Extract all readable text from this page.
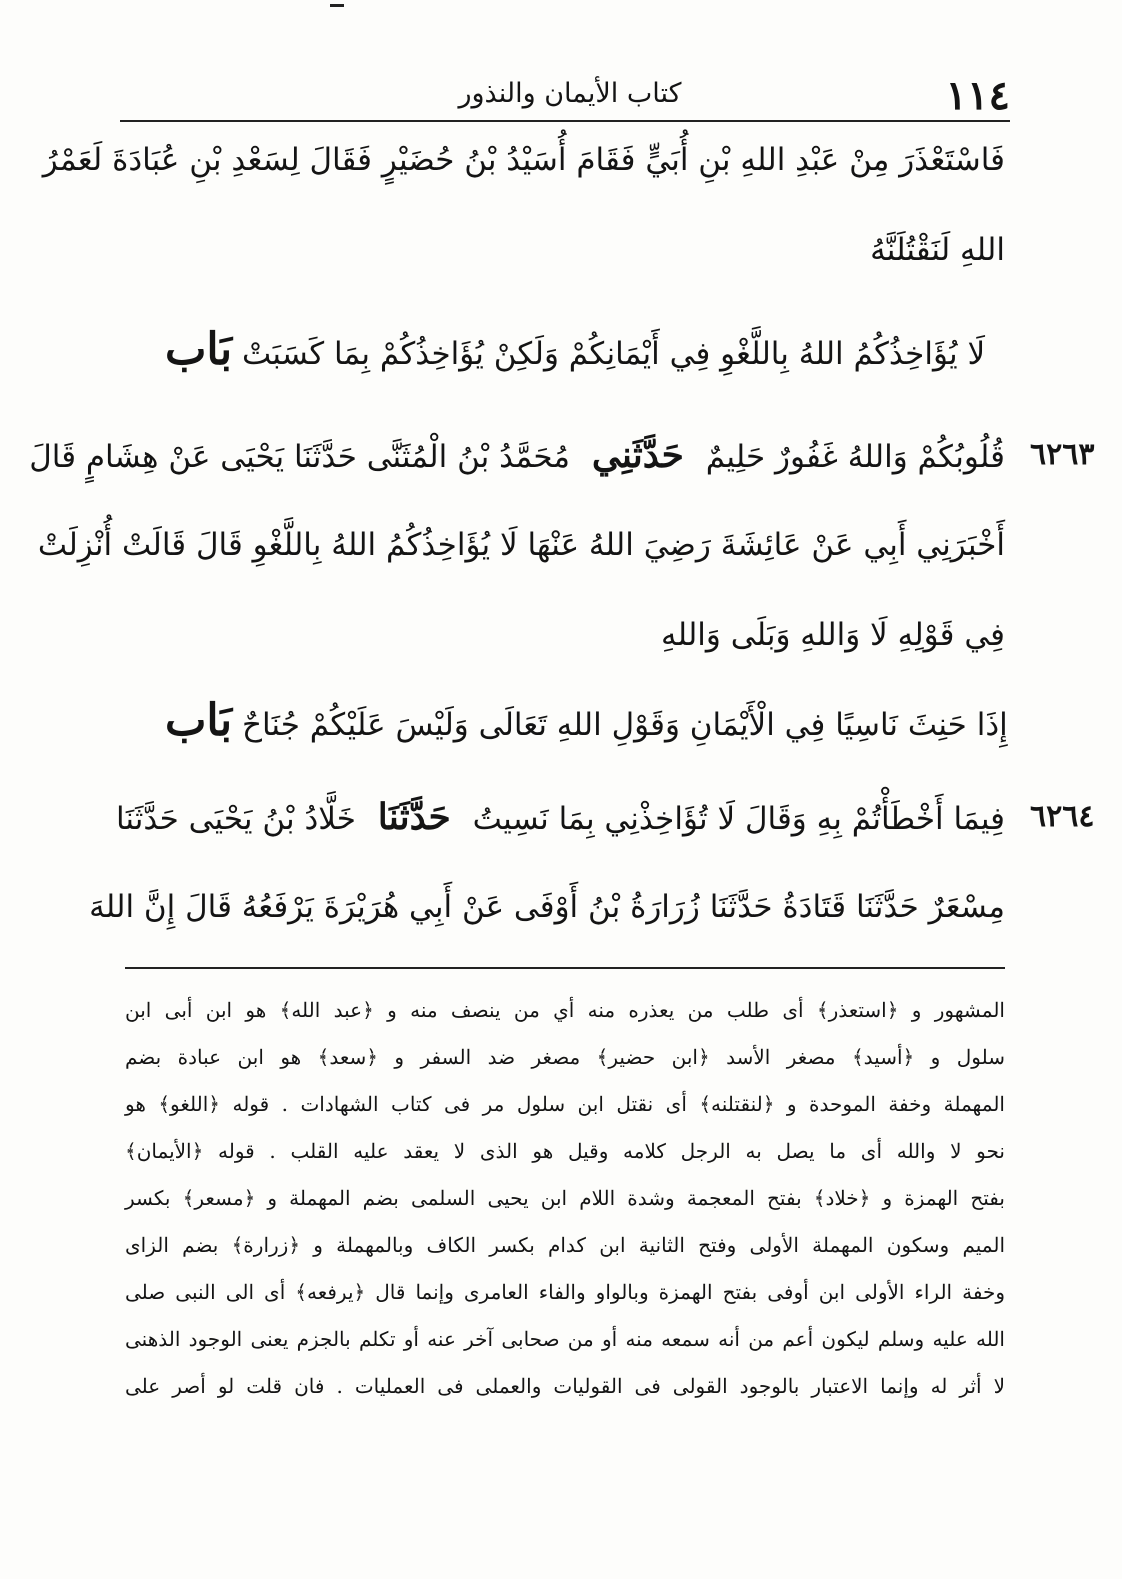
١١٤
كتاب الأيمان والنذور
فَاسْتَعْذَرَ مِنْ عَبْدِ اللهِ بْنِ أُبَيٍّ فَقَامَ أُسَيْدُ بْنُ حُضَيْرٍ فَقَالَ لِسَعْدِ بْنِ عُبَادَةَ لَعَمْرُ
اللهِ لَنَقْتُلَنَّهُ
بَاب لَا يُؤَاخِذُكُمُ اللهُ بِاللَّغْوِ فِي أَيْمَانِكُمْ وَلَكِنْ يُؤَاخِذُكُمْ بِمَا كَسَبَتْ
٦٢٦٣
قُلُوبُكُمْ وَاللهُ غَفُورٌ حَلِيمٌ حَدَّثَنِي مُحَمَّدُ بْنُ الْمُثَنَّى حَدَّثَنَا يَحْيَى عَنْ هِشَامٍ قَالَ
أَخْبَرَنِي أَبِي عَنْ عَائِشَةَ رَضِيَ اللهُ عَنْهَا لَا يُؤَاخِذُكُمُ اللهُ بِاللَّغْوِ قَالَ قَالَتْ أُنْزِلَتْ
فِي قَوْلِهِ لَا وَاللهِ وَبَلَى وَاللهِ
بَاب إِذَا حَنِثَ نَاسِيًا فِي الْأَيْمَانِ وَقَوْلِ اللهِ تَعَالَى وَلَيْسَ عَلَيْكُمْ جُنَاحٌ
٦٢٦٤
فِيمَا أَخْطَأْتُمْ بِهِ وَقَالَ لَا تُؤَاخِذْنِي بِمَا نَسِيتُ حَدَّثَنَا خَلَّادُ بْنُ يَحْيَى حَدَّثَنَا
مِسْعَرٌ حَدَّثَنَا قَتَادَةُ حَدَّثَنَا زُرَارَةُ بْنُ أَوْفَى عَنْ أَبِي هُرَيْرَةَ يَرْفَعُهُ قَالَ إِنَّ اللهَ
المشهور و ﴿استعذر﴾ أى طلب من يعذره منه أي من ينصف منه و ﴿عبد الله﴾ هو ابن أبى ابن
سلول و ﴿أسيد﴾ مصغر الأسد ﴿ابن حضير﴾ مصغر ضد السفر و ﴿سعد﴾ هو ابن عبادة بضم
المهملة وخفة الموحدة و ﴿لنقتلنه﴾ أى نقتل ابن سلول مر فى كتاب الشهادات . قوله ﴿اللغو﴾ هو
نحو لا والله أى ما يصل به الرجل كلامه وقيل هو الذى لا يعقد عليه القلب . قوله ﴿الأيمان﴾
بفتح الهمزة و ﴿خلاد﴾ بفتح المعجمة وشدة اللام ابن يحيى السلمى بضم المهملة و ﴿مسعر﴾ بكسر
الميم وسكون المهملة الأولى وفتح الثانية ابن كدام بكسر الكاف وبالمهملة و ﴿زرارة﴾ بضم الزاى
وخفة الراء الأولى ابن أوفى بفتح الهمزة وبالواو والفاء العامرى وإنما قال ﴿يرفعه﴾ أى الى النبى صلى
الله عليه وسلم ليكون أعم من أنه سمعه منه أو من صحابى آخر عنه أو تكلم بالجزم يعنى الوجود الذهنى
لا أثر له وإنما الاعتبار بالوجود القولى فى القوليات والعملى فى العمليات . فان قلت لو أصر على
